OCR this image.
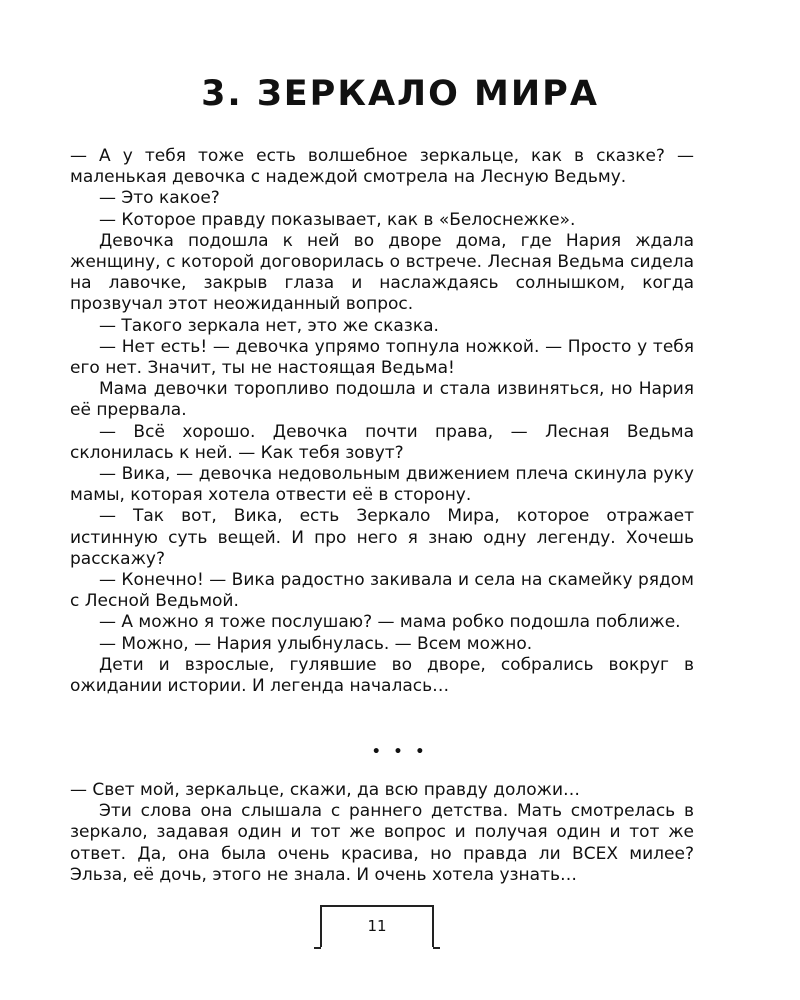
3. ЗЕРКАЛО МИРА

— А у тебя тоже есть волшебное зеркальце, как в сказке? — маленькая девочка с надеждой смотрела на Лесную Ведьму.

— Это какое?

— Которое правду показывает, как в «Белоснежке».

Девочка подошла к ней во дворе дома, где Нария ждала женщину, с которой договорилась о встрече. Лесная Ведьма сидела на лавочке, закрыв глаза и наслаждаясь солнышком, когда прозвучал этот неожиданный вопрос.

— Такого зеркала нет, это же сказка.

— Нет есть! — девочка упрямо топнула ножкой. — Просто у тебя его нет. Значит, ты не настоящая Ведьма!

Мама девочки торопливо подошла и стала извиняться, но Нария её прервала.

— Всё хорошо. Девочка почти права, — Лесная Ведьма склонилась к ней. — Как тебя зовут?

— Вика, — девочка недовольным движением плеча скинула руку мамы, которая хотела отвести её в сторону.

— Так вот, Вика, есть Зеркало Мира, которое отражает истинную суть вещей. И про него я знаю одну легенду. Хочешь расскажу?

— Конечно! — Вика радостно закивала и села на скамейку рядом с Лесной Ведьмой.

— А можно я тоже послушаю? — мама робко подошла поближе.

— Можно, — Нария улыбнулась. — Всем можно.

Дети и взрослые, гулявшие во дворе, собрались вокруг в ожидании истории. И легенда началась…

• • •

— Свет мой, зеркальце, скажи, да всю правду доложи…

Эти слова она слышала с раннего детства. Мать смотрелась в зеркало, задавая один и тот же вопрос и получая один и тот же ответ. Да, она была очень красива, но правда ли ВСЕХ милее? Эльза, её дочь, этого не знала. И очень хотела узнать…

11
